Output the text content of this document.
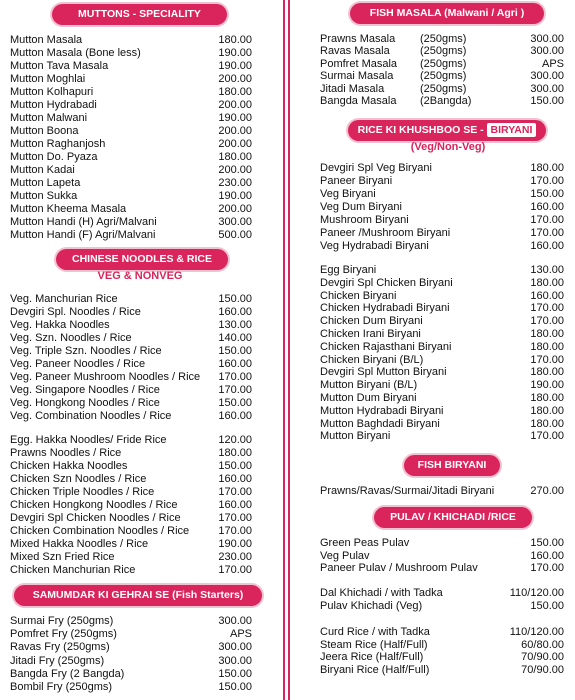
MUTTONS - SPECIALITY
Mutton Masala	180.00
Mutton Masala (Bone less)	190.00
Mutton Tava Masala	190.00
Mutton Moghlai	200.00
Mutton Kolhapuri	180.00
Mutton Hydrabadi	200.00
Mutton Malwani	190.00
Mutton Boona	200.00
Mutton Raghanjosh	200.00
Mutton Do. Pyaza	180.00
Mutton Kadai	200.00
Mutton Lapeta	230.00
Mutton Sukka	190.00
Mutton Kheema Masala	200.00
Mutton Handi (H) Agri/Malvani	300.00
Mutton Handi (F) Agri/Malvani	500.00
CHINESE NOODLES & RICE
VEG & NONVEG
Veg. Manchurian Rice	150.00
Devgiri Spl. Noodles / Rice	160.00
Veg. Hakka Noodles	130.00
Veg. Szn. Noodles / Rice	140.00
Veg. Triple Szn. Noodles / Rice	150.00
Veg. Paneer Noodles / Rice	160.00
Veg. Paneer Mushroom Noodles / Rice 170.00
Veg. Singapore Noodles / Rice	170.00
Veg. Hongkong Noodles / Rice	150.00
Veg. Combination Noodles / Rice	160.00
Egg. Hakka Noodles/ Fride Rice	120.00
Prawns Noodles / Rice	180.00
Chicken Hakka Noodles	150.00
Chicken Szn Noodles / Rice	160.00
Chicken Triple Noodles / Rice	170.00
Chicken Hongkong Noodles / Rice	160.00
Devgiri Spl Chicken Noodles / Rice	170.00
Chicken Combination Noodles / Rice	170.00
Mixed Hakka Noodles / Rice	190.00
Mixed Szn Fried Rice	230.00
Chicken Manchurian Rice	170.00
SAMUMDAR KI GEHRAI SE (Fish Starters)
Surmai Fry (250gms)	300.00
Pomfret Fry (250gms)	APS
Ravas Fry (250gms)	300.00
Jitadi Fry (250gms)	300.00
Bangda Fry (2 Bangda)	150.00
Bombil Fry (250gms)	150.00
FISH MASALA (Malwani / Agri )
Prawns Masala (250gms)	300.00
Ravas Masala	(250gms)	300.00
Pomfret Masala (250gms)	APS
Surmai Masala (250gms)	300.00
Jitadi Masala	(250gms)	300.00
Bangda Masala (2Bangda)	150.00
RICE KI KHUSHBOO SE - BIRYANI
(Veg/Non-Veg)
Devgiri Spl Veg Biryani	180.00
Paneer Biryani	170.00
Veg Biryani	150.00
Veg Dum Biryani	160.00
Mushroom Biryani	170.00
Paneer /Mushroom Biryani	170.00
Veg Hydrabadi Biryani	160.00
Egg Biryani	130.00
Devgiri Spl Chicken Biryani	180.00
Chicken Biryani	160.00
Chicken Hydrabadi Biryani	170.00
Chicken Dum Biryani	170.00
Chicken Irani Biryani	180.00
Chicken Rajasthani Biryani	180.00
Chicken Biryani (B/L)	170.00
Devgiri Spl Mutton Biryani	180.00
Mutton Biryani (B/L)	190.00
Mutton Dum Biryani	180.00
Mutton Hydrabadi Biryani	180.00
Mutton Baghdadi Biryani	180.00
Mutton Biryani	170.00
FISH BIRYANI
Prawns/Ravas/Surmai/Jitadi Biryani	270.00
PULAV / KHICHADI /RICE
Green Peas Pulav	150.00
Veg Pulav	160.00
Paneer Pulav / Mushroom Pulav	170.00
Dal Khichadi / with Tadka	110/120.00
Pulav Khichadi (Veg)	150.00
Curd Rice / with Tadka	110/120.00
Steam Rice (Half/Full)	60/80.00
Jeera Rice (Half/Full)	70/90.00
Biryani Rice (Half/Full)	70/90.00
